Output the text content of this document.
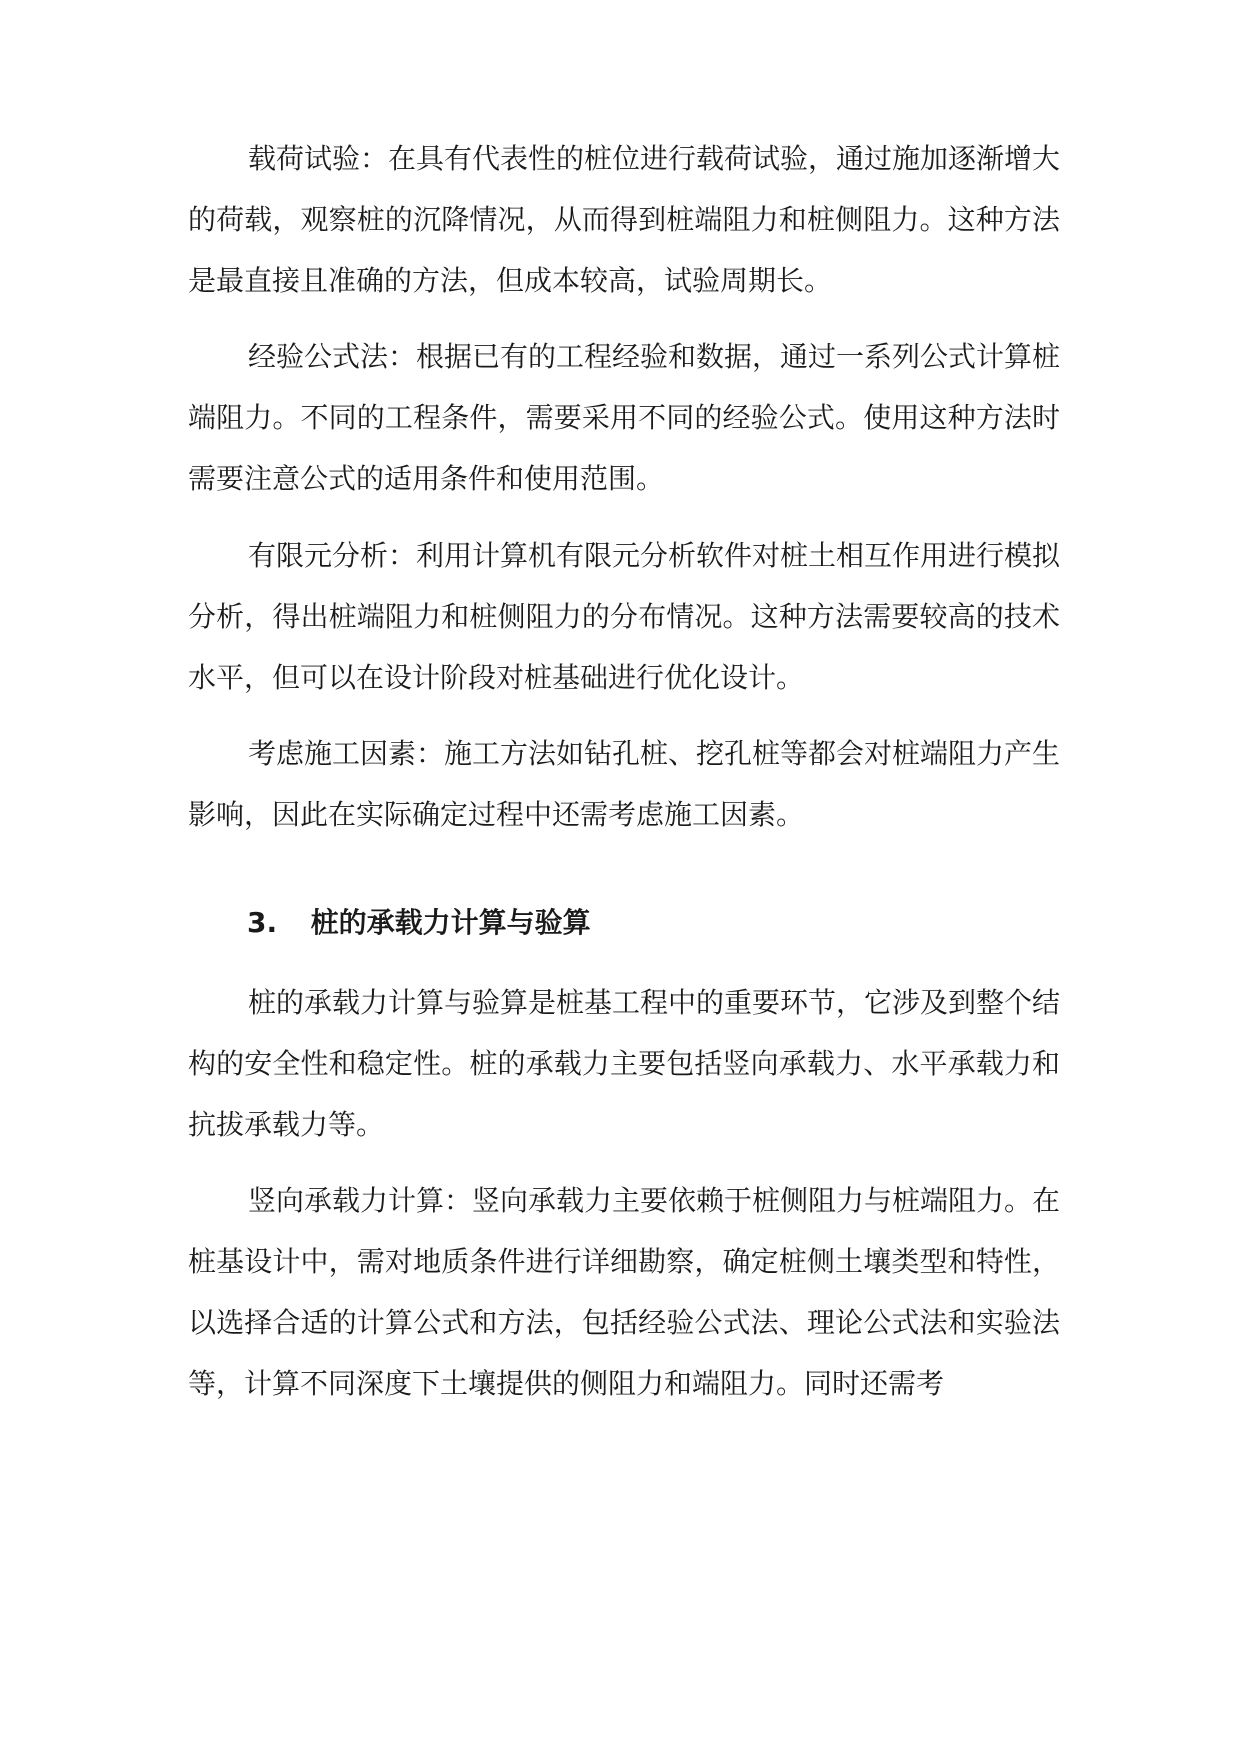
载荷试验：在具有代表性的桩位进行载荷试验，通过施加逐渐增大的荷载，观察桩的沉降情况，从而得到桩端阻力和桩侧阻力。这种方法是最直接且准确的方法，但成本较高，试验周期长。

经验公式法：根据已有的工程经验和数据，通过一系列公式计算桩端阻力。不同的工程条件，需要采用不同的经验公式。使用这种方法时需要注意公式的适用条件和使用范围。

有限元分析：利用计算机有限元分析软件对桩土相互作用进行模拟分析，得出桩端阻力和桩侧阻力的分布情况。这种方法需要较高的技术水平，但可以在设计阶段对桩基础进行优化设计。

考虑施工因素：施工方法如钻孔桩、挖孔桩等都会对桩端阻力产生影响，因此在实际确定过程中还需考虑施工因素。

3. 桩的承载力计算与验算

桩的承载力计算与验算是桩基工程中的重要环节，它涉及到整个结构的安全性和稳定性。桩的承载力主要包括竖向承载力、水平承载力和抗拔承载力等。

竖向承载力计算：竖向承载力主要依赖于桩侧阻力与桩端阻力。在桩基设计中，需对地质条件进行详细勘察，确定桩侧土壤类型和特性，以选择合适的计算公式和方法，包括经验公式法、理论公式法和实验法等，计算不同深度下土壤提供的侧阻力和端阻力。同时还需考
